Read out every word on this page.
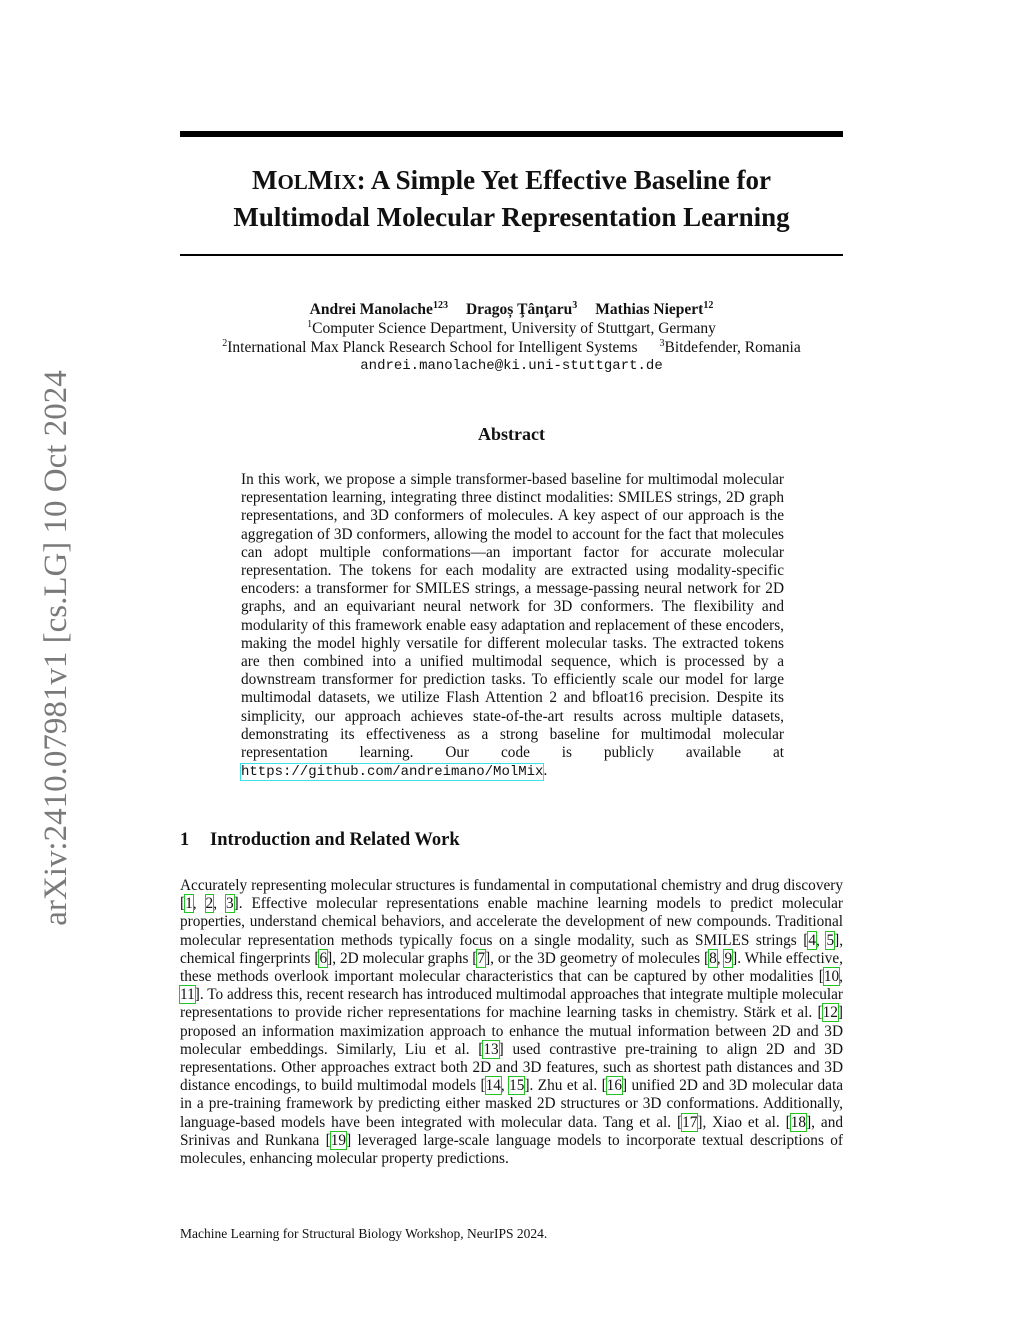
arXiv:2410.07981v1 [cs.LG] 10 Oct 2024
MOLMIX: A Simple Yet Effective Baseline for
Multimodal Molecular Representation Learning
Andrei Manolache$^{123}$ Dragoș Ţânţaru$^3$ Mathias Niepert$^{12}$
$^1$Computer Science Department, University of Stuttgart, Germany
$^2$International Max Planck Research School for Intelligent Systems $^3$Bitdefender, Romania
andrei.manolache@ki.uni-stuttgart.de
Abstract
In this work, we propose a simple transformer-based baseline for multimodal molecular representation learning, integrating three distinct modalities: SMILES strings, 2D graph representations, and 3D conformers of molecules. A key aspect of our approach is the aggregation of 3D conformers, allowing the model to account for the fact that molecules can adopt multiple conformations—an important factor for accurate molecular representation. The tokens for each modality are extracted using modality-specific encoders: a transformer for SMILES strings, a message-passing neural network for 2D graphs, and an equivariant neural network for 3D conformers. The flexibility and modularity of this framework enable easy adaptation and replacement of these encoders, making the model highly versatile for different molecular tasks. The extracted tokens are then combined into a unified multimodal sequence, which is processed by a downstream transformer for prediction tasks. To efficiently scale our model for large multimodal datasets, we utilize Flash Attention 2 and bfloat16 precision. Despite its simplicity, our approach achieves state-of-the-art results across multiple datasets, demonstrating its effectiveness as a strong baseline for multimodal molecular representation learning. Our code is publicly available at https://github.com/andreimano/MolMix.
1 Introduction and Related Work
Accurately representing molecular structures is fundamental in computational chemistry and drug discovery [1, 2, 3]. Effective molecular representations enable machine learning models to predict molecular properties, understand chemical behaviors, and accelerate the development of new compounds. Traditional molecular representation methods typically focus on a single modality, such as SMILES strings [4, 5], chemical fingerprints [6], 2D molecular graphs [7], or the 3D geometry of molecules [8, 9]. While effective, these methods overlook important molecular characteristics that can be captured by other modalities [10, 11]. To address this, recent research has introduced multimodal approaches that integrate multiple molecular representations to provide richer representations for machine learning tasks in chemistry. Stärk et al. [12] proposed an information maximization approach to enhance the mutual information between 2D and 3D molecular embeddings. Similarly, Liu et al. [13] used contrastive pre-training to align 2D and 3D representations. Other approaches extract both 2D and 3D features, such as shortest path distances and 3D distance encodings, to build multimodal models [14, 15]. Zhu et al. [16] unified 2D and 3D molecular data in a pre-training framework by predicting either masked 2D structures or 3D conformations. Additionally, language-based models have been integrated with molecular data. Tang et al. [17], Xiao et al. [18], and Srinivas and Runkana [19] leveraged large-scale language models to incorporate textual descriptions of molecules, enhancing molecular property predictions.
Machine Learning for Structural Biology Workshop, NeurIPS 2024.
